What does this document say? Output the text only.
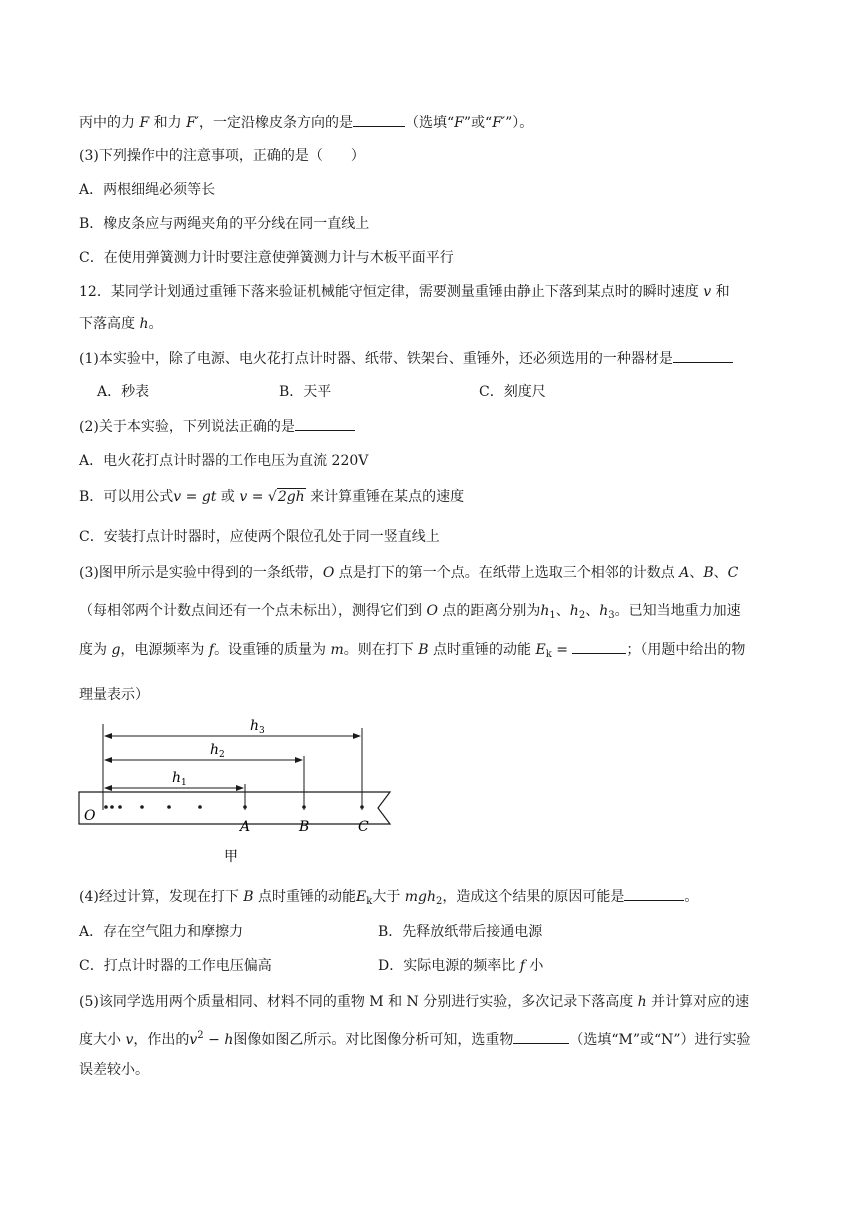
丙中的力 F 和力 F′，一定沿橡皮条方向的是	（选填“F”或“F′”）。
(3)下列操作中的注意事项，正确的是（　　）
A．两根细绳必须等长
B．橡皮条应与两绳夹角的平分线在同一直线上
C．在使用弹簧测力计时要注意使弹簧测力计与木板平面平行
12．某同学计划通过重锤下落来验证机械能守恒定律，需要测量重锤由静止下落到某点时的瞬时速度 v 和
下落高度 h。
(1)本实验中，除了电源、电火花打点计时器、纸带、铁架台、重锤外，还必须选用的一种器材是
A．秒表	B．天平	C．刻度尺
(2)关于本实验，下列说法正确的是
A．电火花打点计时器的工作电压为直流 220V
B．可以用公式v = gt 或 v = √2gh 来计算重锤在某点的速度
C．安装打点计时器时，应使两个限位孔处于同一竖直线上
(3)图甲所示是实验中得到的一条纸带，O 点是打下的第一个点。在纸带上选取三个相邻的计数点 A、B、C
（每相邻两个计数点间还有一个点未标出），测得它们到 O 点的距离分别为$h_1$、$h_2$、$h_3$。已知当地重力加速
度为 g，电源频率为 f。设重锤的质量为 m。则在打下 B 点时重锤的动能 $E_k$ =	；（用题中给出的物
理量表示）
$h_3$
$h_2$
$h_1$
O
A	B	C
甲
(4)经过计算，发现在打下 B 点时重锤的动能$E_k$大于 mgh$_2$，造成这个结果的原因可能是	。
A．存在空气阻力和摩擦力	B．先释放纸带后接通电源
C．打点计时器的工作电压偏高	D．实际电源的频率比 f 小
(5)该同学选用两个质量相同、材料不同的重物 M 和 N 分别进行实验，多次记录下落高度 h 并计算对应的速
度大小 v，作出的$v^2 - h$图像如图乙所示。对比图像分析可知，选重物	（选填“M”或“N”）进行实验
误差较小。
